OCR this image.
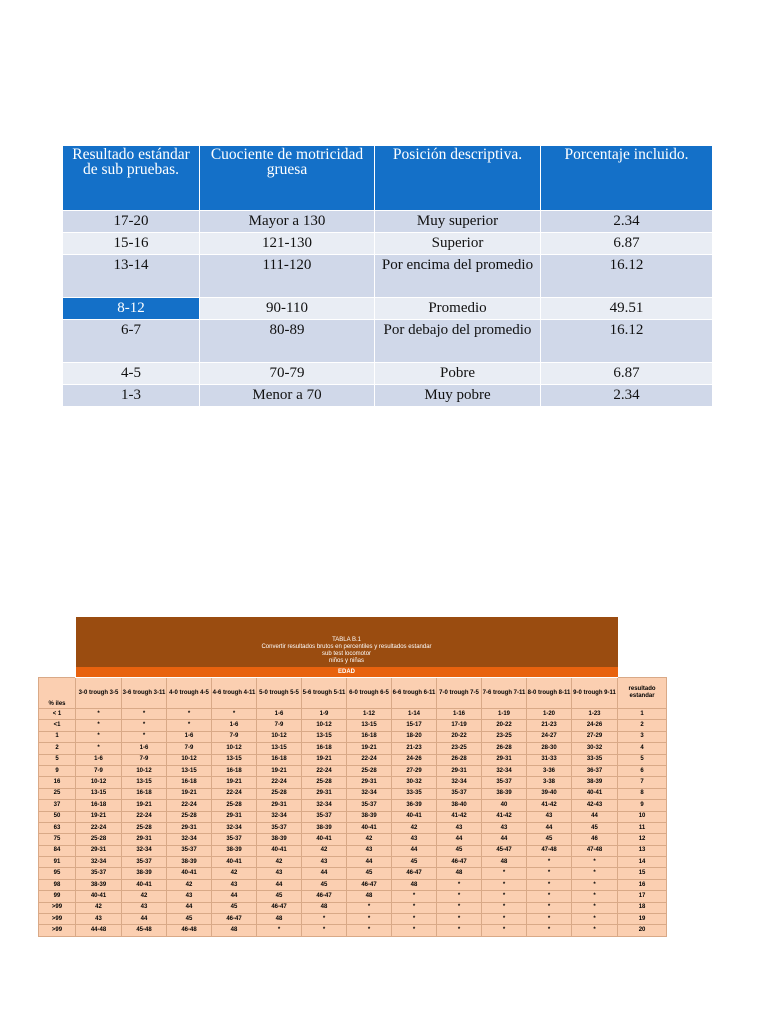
Resultado estándar de sub pruebas.	Cuociente de motricidad gruesa	Posición descriptiva.	Porcentaje incluido.
17-20	Mayor a 130	Muy superior	2.34
15-16	121-130	Superior	6.87
13-14	111-120	Por encima del promedio	16.12
8-12	90-110	Promedio	49.51
6-7	80-89	Por debajo del promedio	16.12
4-5	70-79	Pobre	6.87
1-3	Menor a 70	Muy pobre	2.34

	TABLA B.1
Convertir resultados brutos en percentiles y resultados estandar
sub test locomotor
niños y niñas												

	EDAD												
% iles	3-0 trough 3-5	3-6 trough 3-11	4-0 trough 4-5	4-6 trough 4-11	5-0 trough 5-5	5-6 trough 5-11	6-0 trough 6-5	6-6 trough 6-11	7-0 trough 7-5	7-6 trough 7-11	8-0 trough 8-11	9-0 trough 9-11	resultado estandar
< 1	*	*	*	*	1-6	1-9	1-12	1-14	1-16	1-19	1-20	1-23	1
<1	*	*	*	1-6	7-9	10-12	13-15	15-17	17-19	20-22	21-23	24-26	2
1	*	*	1-6	7-9	10-12	13-15	16-18	18-20	20-22	23-25	24-27	27-29	3
2	*	1-6	7-9	10-12	13-15	16-18	19-21	21-23	23-25	26-28	28-30	30-32	4
5	1-6	7-9	10-12	13-15	16-18	19-21	22-24	24-26	26-28	29-31	31-33	33-35	5
9	7-9	10-12	13-15	16-18	19-21	22-24	25-28	27-29	29-31	32-34	3-36	36-37	6
16	10-12	13-15	16-18	19-21	22-24	25-28	29-31	30-32	32-34	35-37	3-38	38-39	7
25	13-15	16-18	19-21	22-24	25-28	29-31	32-34	33-35	35-37	38-39	39-40	40-41	8
37	16-18	19-21	22-24	25-28	29-31	32-34	35-37	36-39	38-40	40	41-42	42-43	9
50	19-21	22-24	25-28	29-31	32-34	35-37	38-39	40-41	41-42	41-42	43	44	10
63	22-24	25-28	29-31	32-34	35-37	38-39	40-41	42	43	43	44	45	11
75	25-28	29-31	32-34	35-37	38-39	40-41	42	43	44	44	45	46	12
84	29-31	32-34	35-37	38-39	40-41	42	43	44	45	45-47	47-48	47-48	13
91	32-34	35-37	38-39	40-41	42	43	44	45	46-47	48	*	*	14
95	35-37	38-39	40-41	42	43	44	45	46-47	48	*	*	*	15
98	38-39	40-41	42	43	44	45	46-47	48	*	*	*	*	16
99	40-41	42	43	44	45	46-47	48	*	*	*	*	*	17
>99	42	43	44	45	46-47	48	*	*	*	*	*	*	18
>99	43	44	45	46-47	48	*	*	*	*	*	*	*	19
>99	44-48	45-48	46-48	48	*	*	*	*	*	*	*	*	20
